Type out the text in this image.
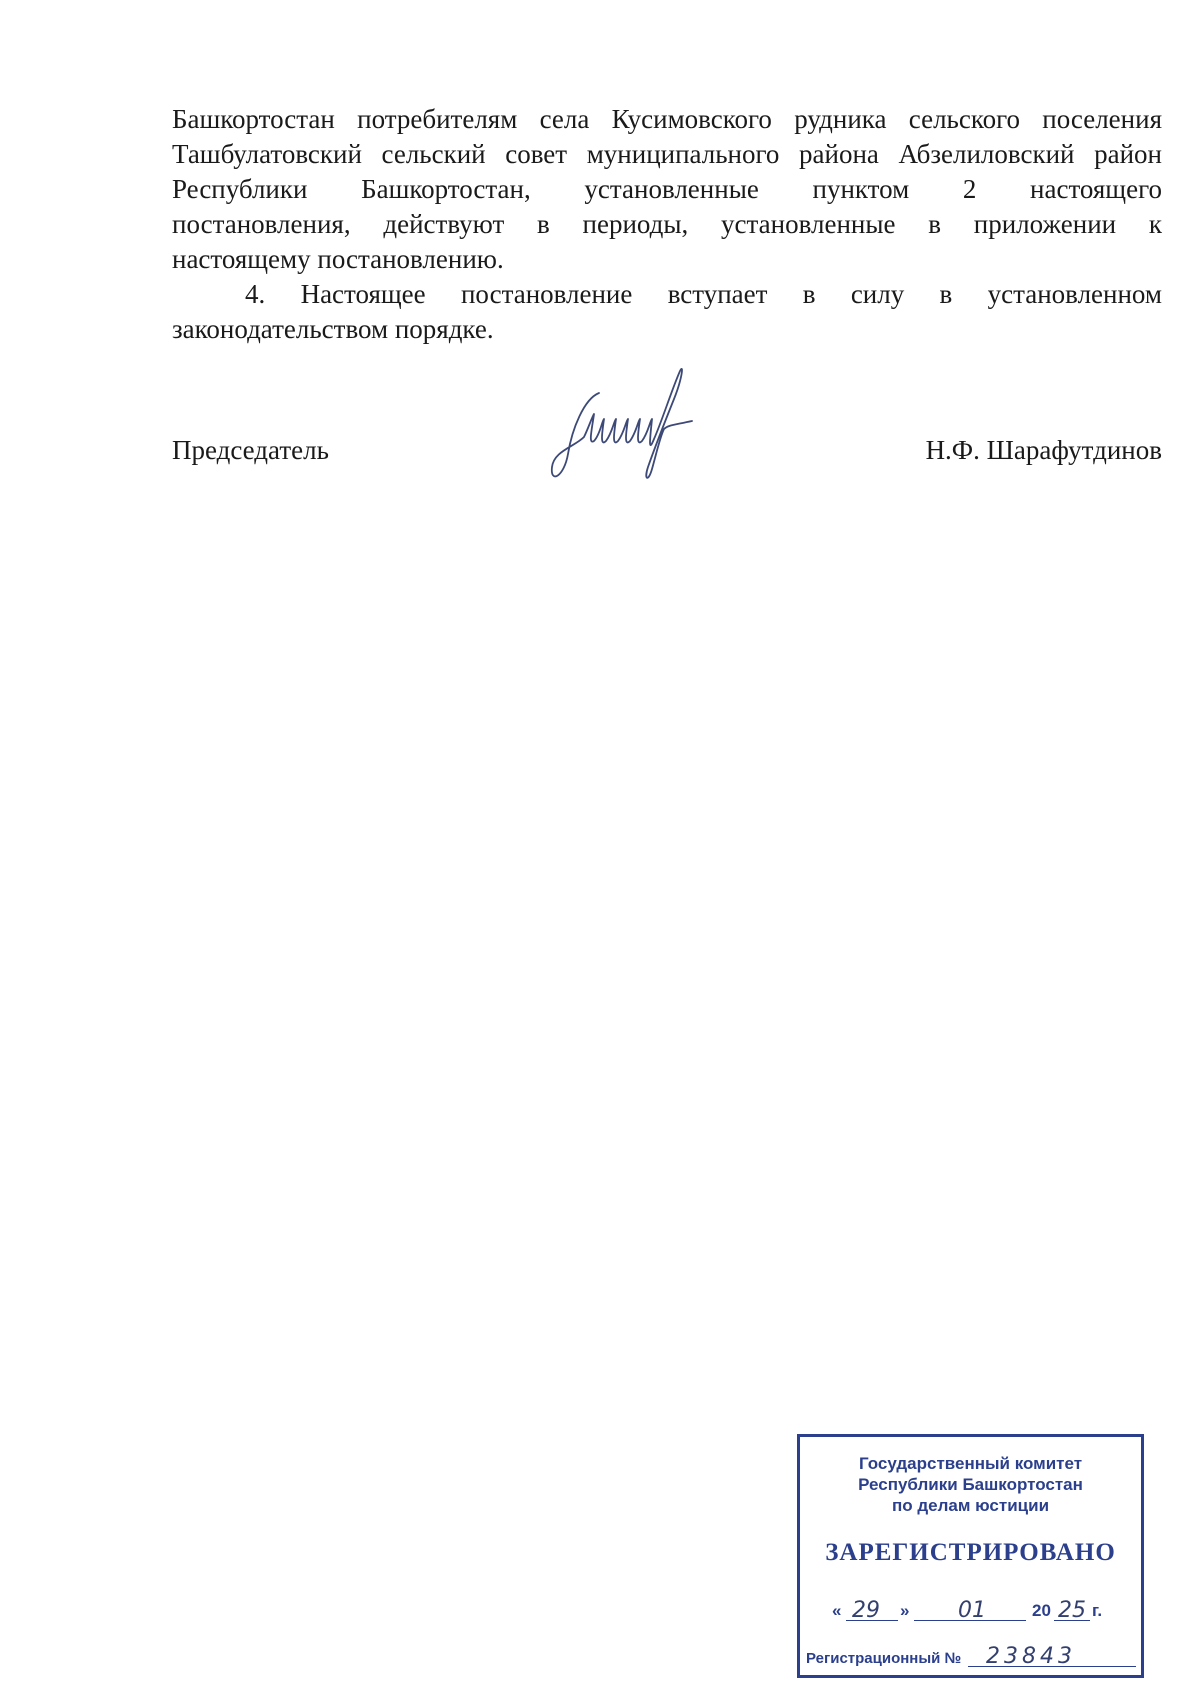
Башкортостан потребителям села Кусимовского рудника сельского поселения
Ташбулатовский сельский совет муниципального района Абзелиловский район
Республики Башкортостан, установленные пунктом 2 настоящего
постановления, действуют в периоды, установленные в приложении к
настоящему постановлению.

4. Настоящее постановление вступает в силу в установленном
законодательством порядке.

Председатель	Н.Ф. Шарафутдинов
Государственный комитет
Республики Башкортостан
по делам юстиции
ЗАРЕГИСТРИРОВАНО
« 29 » 01	20 25 г.
Регистрационный № 23843
